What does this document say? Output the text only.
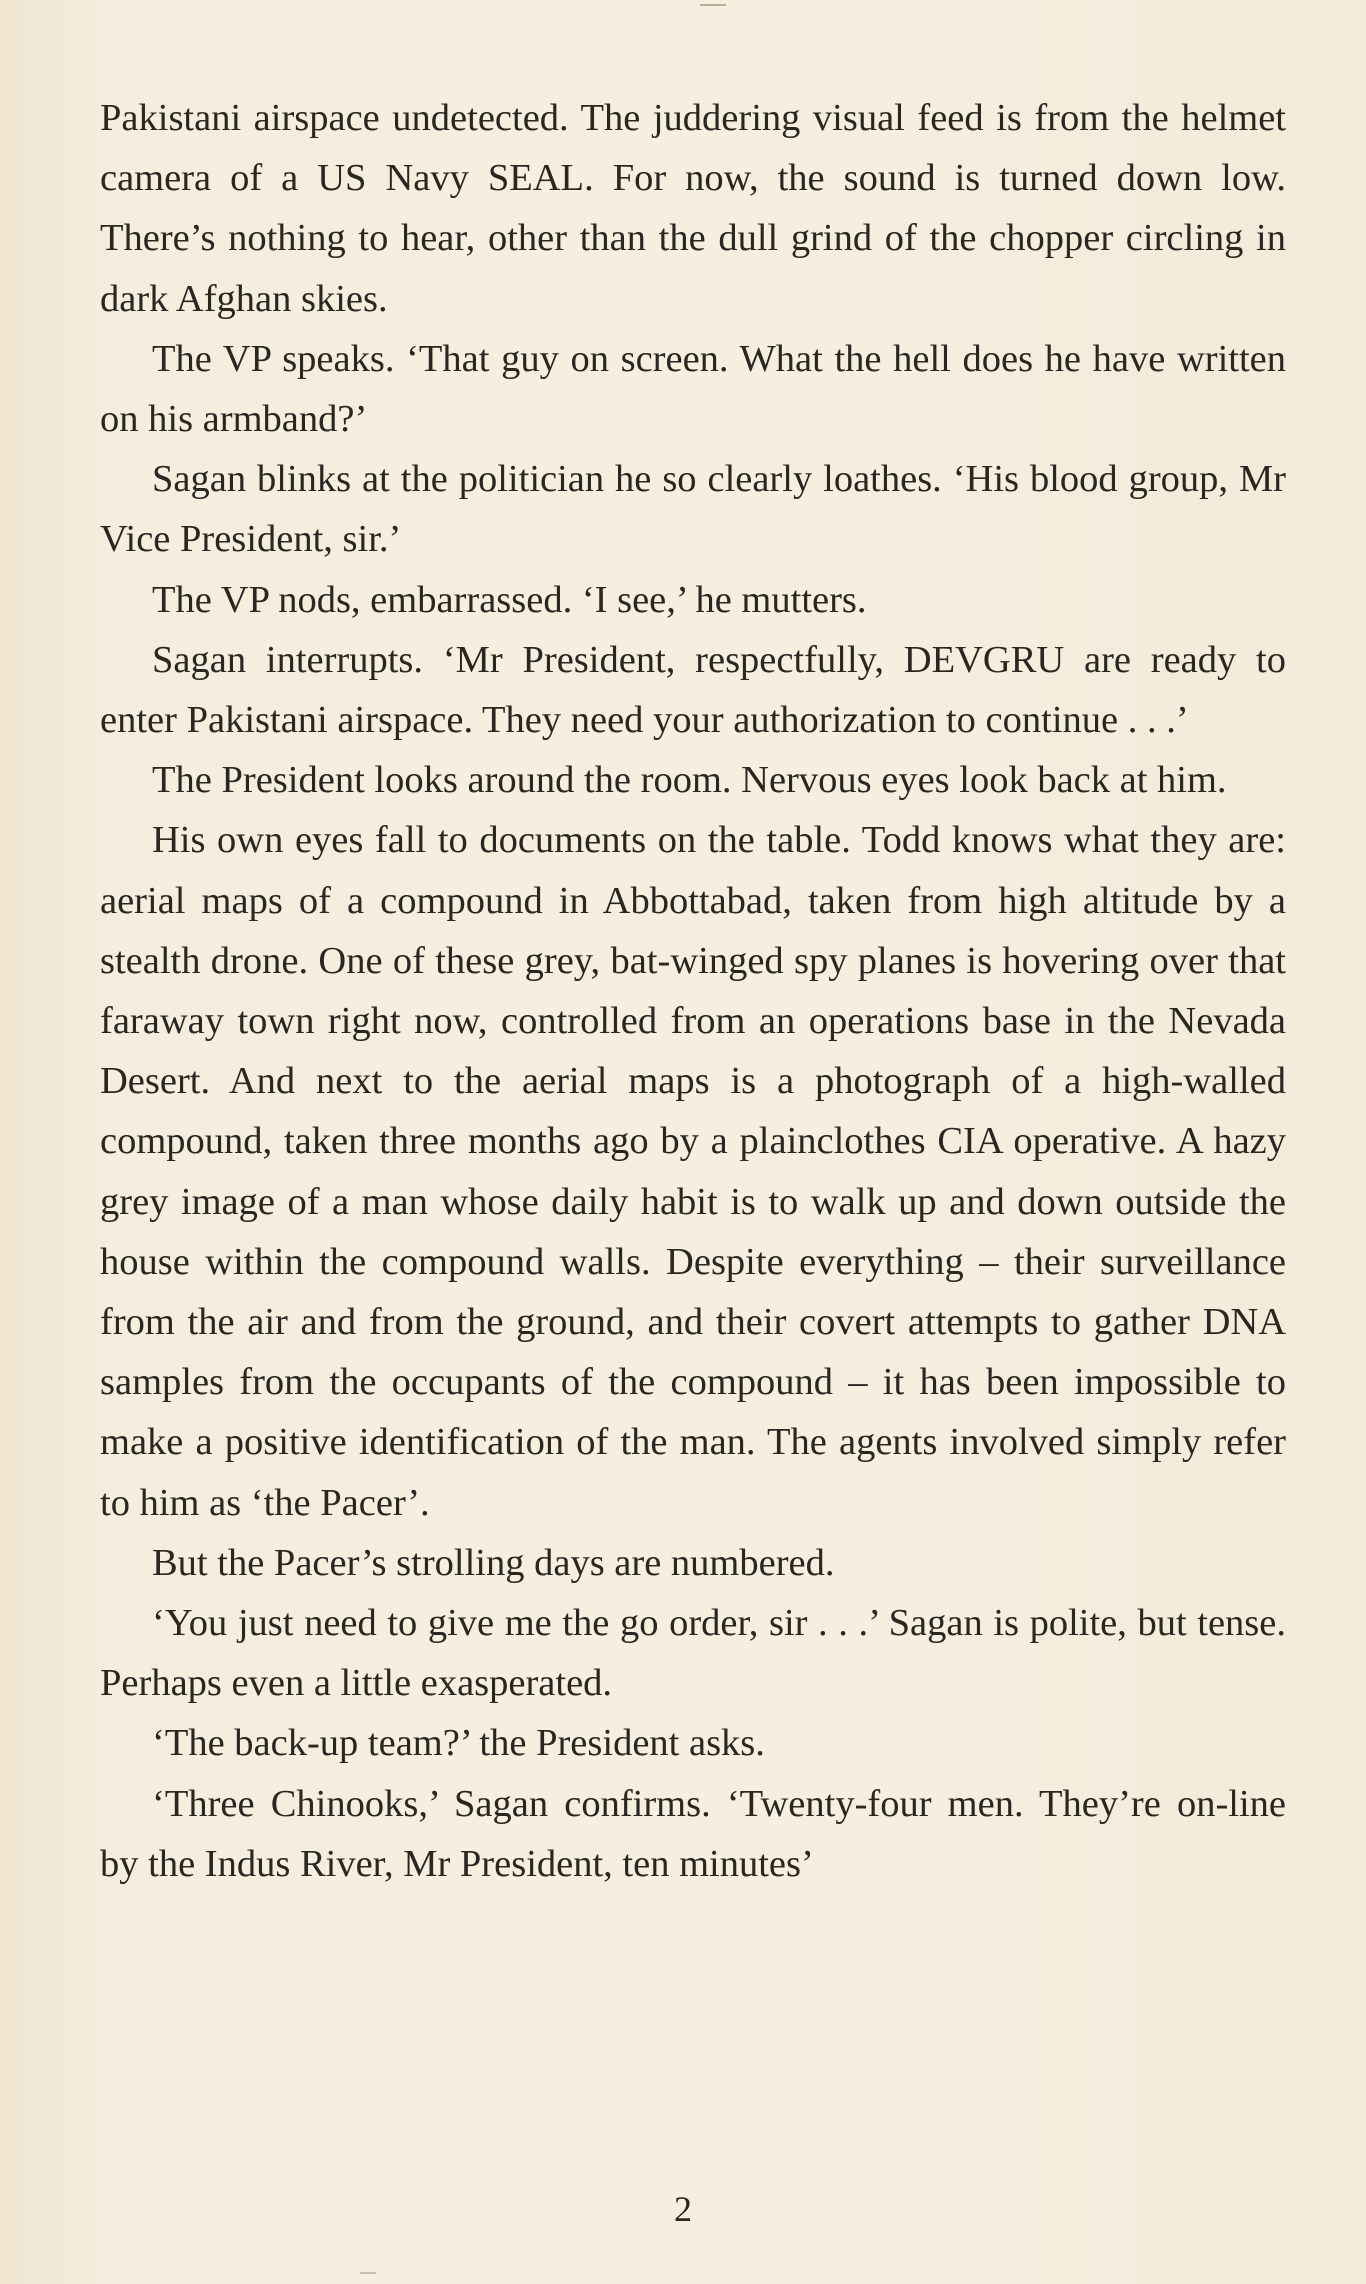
Pakistani airspace undetected. The juddering visual feed is from the helmet camera of a US Navy SEAL. For now, the sound is turned down low. There’s nothing to hear, other than the dull grind of the chopper circling in dark Afghan skies.

The VP speaks. ‘That guy on screen. What the hell does he have written on his armband?’

Sagan blinks at the politician he so clearly loathes. ‘His blood group, Mr Vice President, sir.’

The VP nods, embarrassed. ‘I see,’ he mutters.

Sagan interrupts. ‘Mr President, respectfully, DEVGRU are ready to enter Pakistani airspace. They need your authorization to continue . . .’

The President looks around the room. Nervous eyes look back at him.

His own eyes fall to documents on the table. Todd knows what they are: aerial maps of a compound in Abbottabad, taken from high altitude by a stealth drone. One of these grey, bat-winged spy planes is hovering over that faraway town right now, controlled from an operations base in the Nevada Desert. And next to the aerial maps is a photograph of a high-walled compound, taken three months ago by a plainclothes CIA operative. A hazy grey image of a man whose daily habit is to walk up and down outside the house within the compound walls. Despite everything – their surveillance from the air and from the ground, and their covert attempts to gather DNA samples from the occupants of the compound – it has been impossible to make a positive identification of the man. The agents involved simply refer to him as ‘the Pacer’.

But the Pacer’s strolling days are numbered.

‘You just need to give me the go order, sir . . .’ Sagan is polite, but tense. Perhaps even a little exasperated.

‘The back-up team?’ the President asks.

‘Three Chinooks,’ Sagan confirms. ‘Twenty-four men. They’re on-line by the Indus River, Mr President, ten minutes’

2
